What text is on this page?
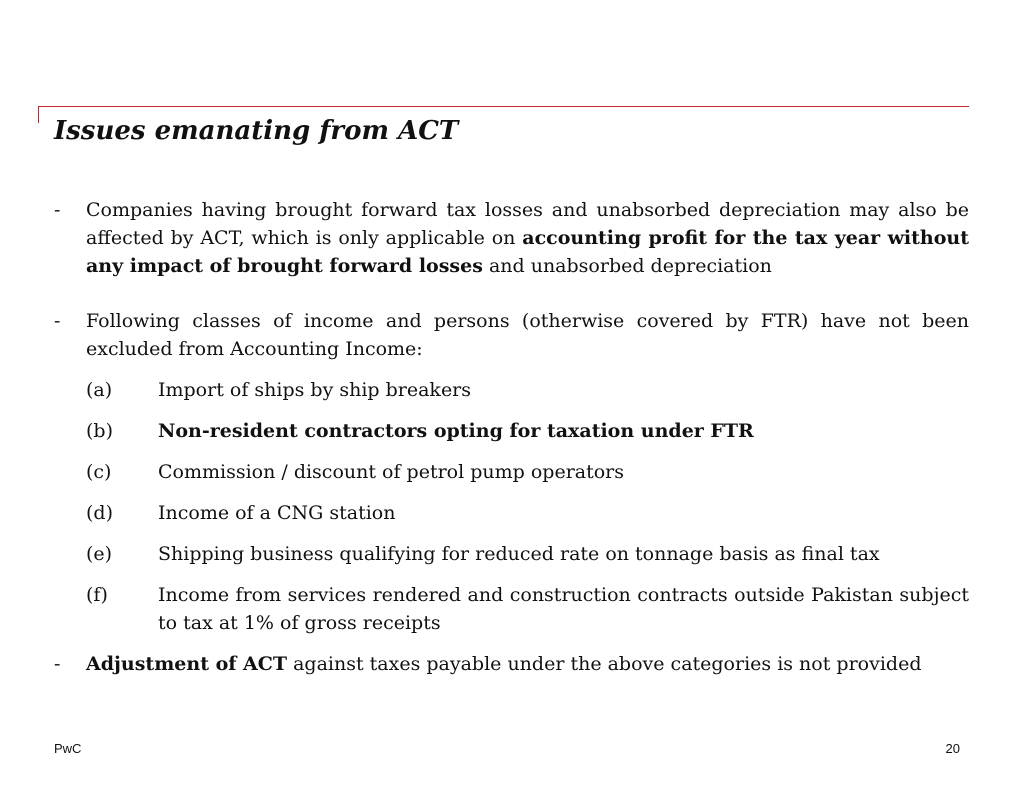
Issues emanating from ACT
- Companies having brought forward tax losses and unabsorbed depreciation may also be affected by ACT, which is only applicable on accounting profit for the tax year without any impact of brought forward losses and unabsorbed depreciation
- Following classes of income and persons (otherwise covered by FTR) have not been excluded from Accounting Income:
(a) Import of ships by ship breakers
(b) Non-resident contractors opting for taxation under FTR
(c) Commission / discount of petrol pump operators
(d) Income of a CNG station
(e) Shipping business qualifying for reduced rate on tonnage basis as final tax
(f)	Income from services rendered and construction contracts outside Pakistan subject to tax at 1% of gross receipts
- Adjustment of ACT against taxes payable under the above categories is not provided
PwC	20
